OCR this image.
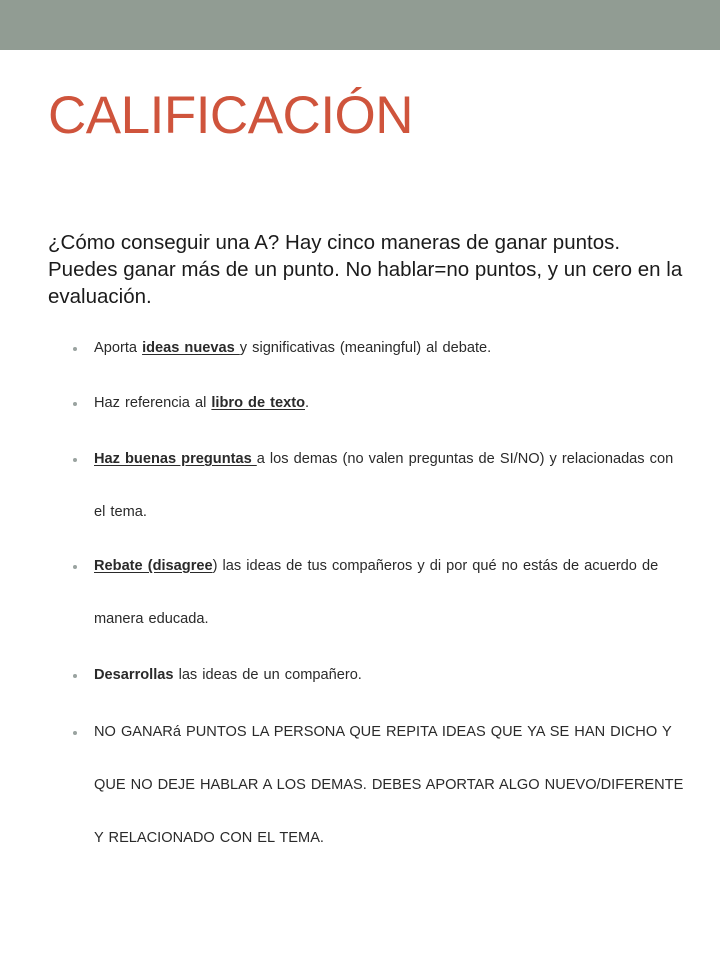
CALIFICACIÓN
¿Cómo conseguir una A? Hay cinco maneras de ganar puntos. Puedes ganar más de un punto. No hablar=no puntos, y un cero en la evaluación.
Aporta ideas nuevas y significativas (meaningful) al debate.
Haz referencia al libro de texto.
Haz buenas preguntas a los demas (no valen preguntas de SI/NO) y relacionadas con el tema.
Rebate (disagree) las ideas de tus compañeros y di por qué no estás de acuerdo de manera educada.
Desarrollas las ideas de un compañero.
NO GANARá PUNTOS LA PERSONA QUE REPITA IDEAS QUE YA SE HAN DICHO Y QUE NO DEJE HABLAR A LOS DEMAS. DEBES APORTAR ALGO NUEVO/DIFERENTE Y RELACIONADO CON EL TEMA.
